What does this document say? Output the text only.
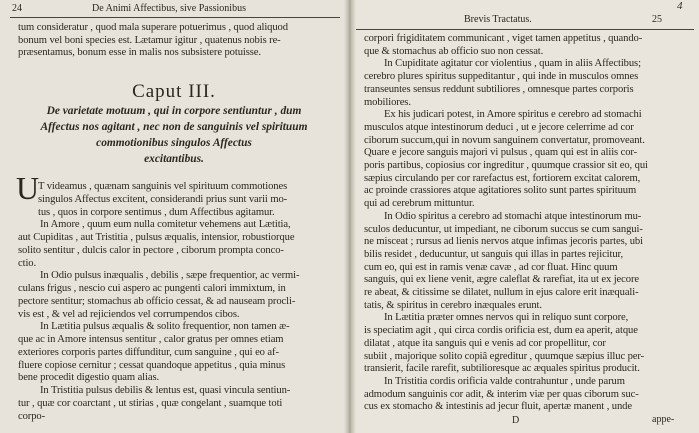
24	De Animi Affectibus, sive Passionibus
tum consideratur , quod mala superare potuerimus , quod aliquod
bonum vel boni species est. Lætamur igitur , quatenus nobis re-
præsentamus, bonum esse in malis nos subsistere potuisse.
Caput III.
De varietate motuum , qui in corpore sentiuntur , dum
Affectus nos agitant , nec non de sanguinis vel spirituum
commotionibus singulos Affectus
excitantibus.
U
T videamus , quænam sanguinis vel spirituum commotiones
singulos Affectus excitent, considerandi prius sunt varii mo-
tus , quos in corpore sentimus , dum Affectibus agitamur.
In Amore , quum eum nulla comitetur vehemens aut Lætitia,
aut Cupiditas , aut Tristitia , pulsus æqualis, intensior, robustiorque
solito sentitur , dulcis calor in pectore , ciborum prompta conco-
ctio.
In Odio pulsus inæqualis , debilis , sæpe frequentior, ac vermi-
culans frigus , nescio cui aspero ac pungenti calori immixtum, in
pectore sentitur; stomachus ab officio cessat, & ad nauseam procli-
vis est , & vel ad rejiciendos vel corrumpendos cibos.
In Lætitia pulsus æqualis & solito frequentior, non tamen æ-
que ac in Amore intensus sentitur , calor gratus per omnes etiam
exteriores corporis partes diffunditur, cum sanguine , qui eo af-
fluere copiose cernitur ; cessat quandoque appetitus , quia minus
bene procedit digestio quam alias.
In Tristitia pulsus debilis & lentus est, quasi vincula sentiun-
tur , quæ cor coarctant , ut stirias , quæ congelant , suamque toti
corpo-
Brevis Tractatus.	25
4
corpori frigiditatem communicant , viget tamen appetitus , quando-
que & stomachus ab officio suo non cessat.
In Cupiditate agitatur cor violentius , quam in aliis Affectibus;
cerebro plures spiritus suppeditantur , qui inde in musculos omnes
transeuntes sensus reddunt subtiliores , omnesque partes corporis
mobiliores.
Ex his judicari potest, in Amore spiritus e cerebro ad stomachi
musculos atque intestinorum deduci , ut e jecore celerrime ad cor
ciborum succum,qui in novum sanguinem convertatur, promoveant.
Quare e jecore sanguis majori vi pulsus , quam qui est in aliis cor-
poris partibus, copiosius cor ingreditur , quumque crassior sit eo, qui
sæpius circulando per cor rarefactus est, fortiorem excitat calorem,
ac proinde crassiores atque agitatiores solito sunt partes spirituum
qui ad cerebrum mittuntur.
In Odio spiritus a cerebro ad stomachi atque intestinorum mu-
sculos deducuntur, ut impediant, ne ciborum succus se cum sangui-
ne misceat ; rursus ad lienis nervos atque infimas jecoris partes, ubi
bilis residet , deducuntur, ut sanguis qui illas in partes rejicitur,
cum eo, qui est in ramis venæ cavæ , ad cor fluat. Hinc quum
sanguis, qui ex liene venit, ægre caleflat & rarefiat, ita ut ex jecore
re abeat, & citissime se dilatet, nullum in ejus calore erit inæquali-
tatis, & spiritus in cerebro inæquales erunt.
In Lætitia præter omnes nervos qui in reliquo sunt corpore,
is speciatim agit , qui circa cordis orificia est, dum ea aperit, atque
dilatat , atque ita sanguis qui e venis ad cor propellitur, cor
subiit , majorique solito copiâ egreditur , quumque sæpius illuc per-
transierit, facile rarefit, subtilioresque ac æquales spiritus producit.
In Tristitia cordis orificia valde contrahuntur , unde parum
admodum sanguinis cor adit, & interim viæ per quas ciborum suc-
cus ex stomacho & intestinis ad jecur fluit, apertæ manent , unde
D	appe-
